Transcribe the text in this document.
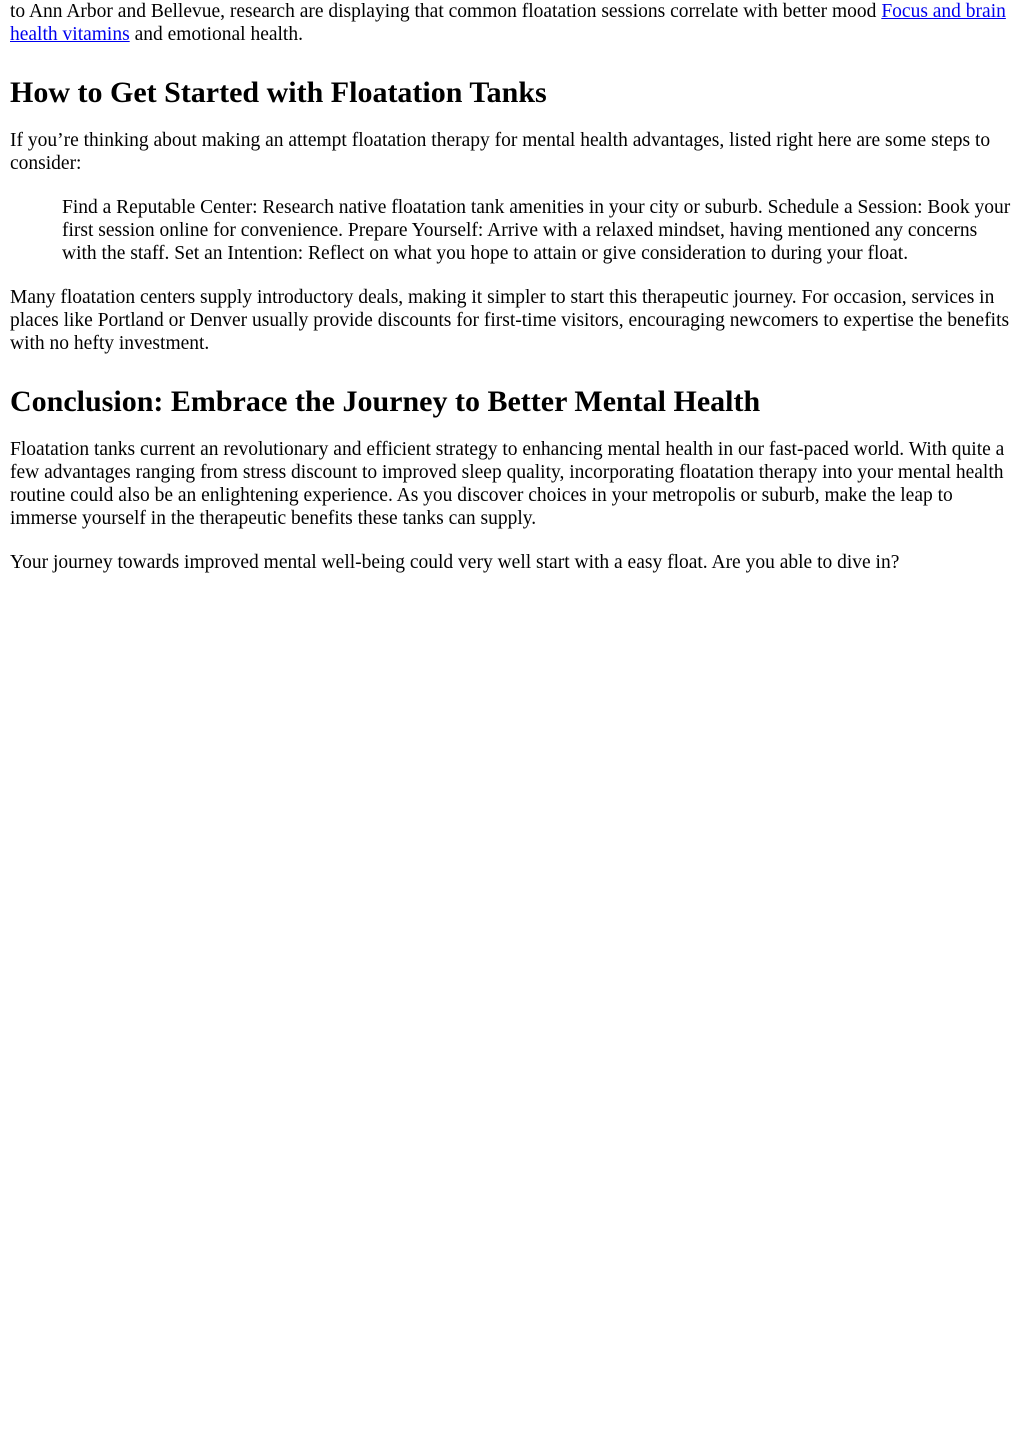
to Ann Arbor and Bellevue, research are displaying that common floatation sessions correlate with better mood Focus and brain health vitamins and emotional health.

How to Get Started with Floatation Tanks

If you’re thinking about making an attempt floatation therapy for mental health advantages, listed right here are some steps to consider:

Find a Reputable Center: Research native floatation tank amenities in your city or suburb. Schedule a Session: Book your first session online for convenience. Prepare Yourself: Arrive with a relaxed mindset, having mentioned any concerns with the staff. Set an Intention: Reflect on what you hope to attain or give consideration to during your float.

Many floatation centers supply introductory deals, making it simpler to start this therapeutic journey. For occasion, services in places like Portland or Denver usually provide discounts for first-time visitors, encouraging newcomers to expertise the benefits with no hefty investment.

Conclusion: Embrace the Journey to Better Mental Health

Floatation tanks current an revolutionary and efficient strategy to enhancing mental health in our fast-paced world. With quite a few advantages ranging from stress discount to improved sleep quality, incorporating floatation therapy into your mental health routine could also be an enlightening experience. As you discover choices in your metropolis or suburb, make the leap to immerse yourself in the therapeutic benefits these tanks can supply.

Your journey towards improved mental well-being could very well start with a easy float. Are you able to dive in?
